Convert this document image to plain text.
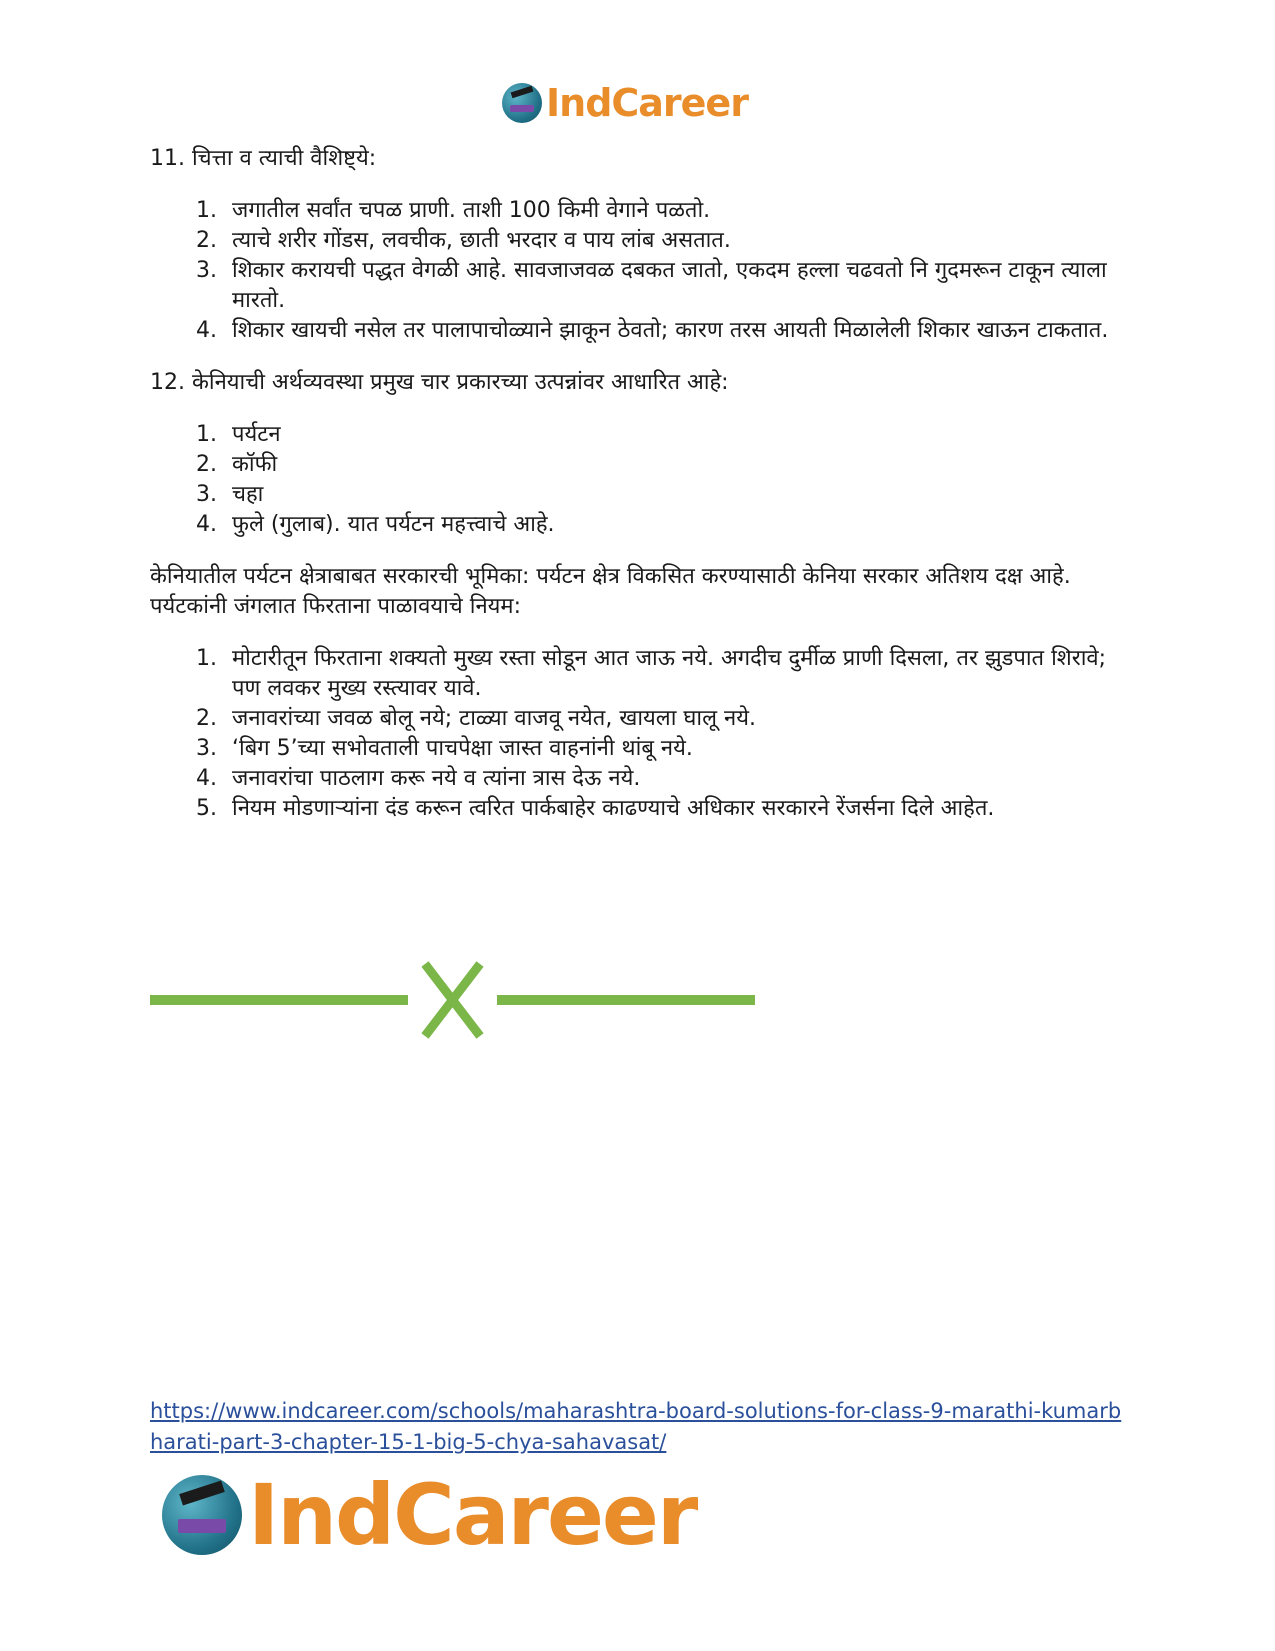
IndCareer

11. चित्ता व त्याची वैशिष्ट्ये:

1. जगातील सर्वांत चपळ प्राणी. ताशी 100 किमी वेगाने पळतो.
2. त्याचे शरीर गोंडस, लवचीक, छाती भरदार व पाय लांब असतात.
3. शिकार करायची पद्धत वेगळी आहे. सावजाजवळ दबकत जातो, एकदम हल्ला चढवतो नि गुदमरून टाकून त्याला मारतो.
4. शिकार खायची नसेल तर पालापाचोळ्याने झाकून ठेवतो; कारण तरस आयती मिळालेली शिकार खाऊन टाकतात.

12. केनियाची अर्थव्यवस्था प्रमुख चार प्रकारच्या उत्पन्नांवर आधारित आहे:

1. पर्यटन
2. कॉफी
3. चहा
4. फुले (गुलाब). यात पर्यटन महत्त्वाचे आहे.

केनियातील पर्यटन क्षेत्राबाबत सरकारची भूमिका: पर्यटन क्षेत्र विकसित करण्यासाठी केनिया सरकार अतिशय दक्ष आहे. पर्यटकांनी जंगलात फिरताना पाळावयाचे नियम:

1. मोटारीतून फिरताना शक्यतो मुख्य रस्ता सोडून आत जाऊ नये. अगदीच दुर्मीळ प्राणी दिसला, तर झुडपात शिरावे; पण लवकर मुख्य रस्त्यावर यावे.
2. जनावरांच्या जवळ बोलू नये; टाळ्या वाजवू नयेत, खायला घालू नये.
3. ‘बिग 5’च्या सभोवताली पाचपेक्षा जास्त वाहनांनी थांबू नये.
4. जनावरांचा पाठलाग करू नये व त्यांना त्रास देऊ नये.
5. नियम मोडणाऱ्यांना दंड करून त्वरित पार्कबाहेर काढण्याचे अधिकार सरकारने रेंजर्सना दिले आहेत.
https://www.indcareer.com/schools/maharashtra-board-solutions-for-class-9-marathi-kumarbharati-part-3-chapter-15-1-big-5-chya-sahavasat/
IndCareer
